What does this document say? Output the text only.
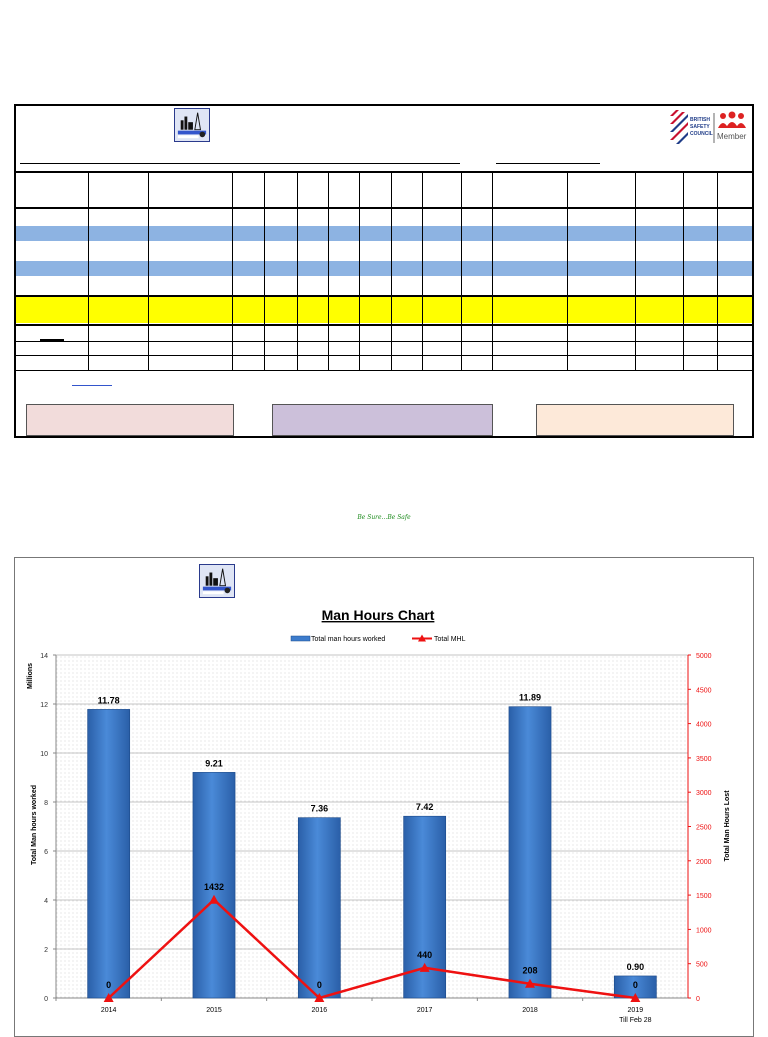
BRITISH
SAFETY
COUNCIL Member
Be Sure...Be Safe
Man Hours Chart
Total man hours worked	Total MHL
0
2
4
6
8
10
12
14
0
500
1000
1500
2000
2500
3000
3500
4000
4500
5000
11.78
9.21
7.36	7.42
11.89
0.90
0
1432
0
440
208
0
2014	2015	2016	2017	2018	2019
Till Feb 28
Millions
Total Man hours worked	Total Man Hours Lost
